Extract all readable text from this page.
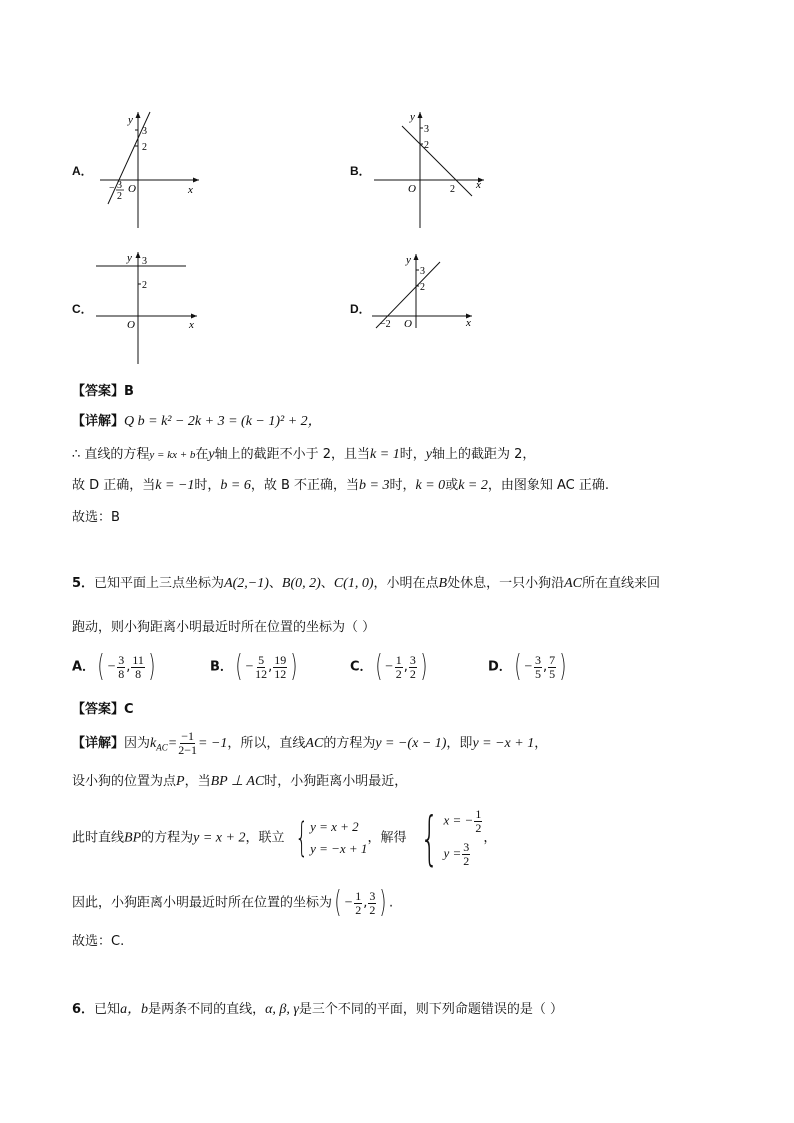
A．
y
3
2
O	x
− 3
2
B．
y
3
2
O	2 x
C．
y 3
2
O	x
D．
y
3
2
O
−2	x
【答案】B
【详解】Q b = k² − 2k + 3 = (k − 1)² + 2，
∴ 直线的方程y = kx + b在y轴上的截距不小于 2，且当k = 1时，y轴上的截距为 2，
故 D 正确，当k = −1时，b = 6，故 B 不正确，当b = 3时，k = 0或k = 2，由图象知 AC 正确.
故选：B
5．已知平面上三点坐标为A(2,−1)、B(0, 2)、C(1, 0)，小明在点B处休息，一只小狗沿AC所在直线来回
跑动，则小狗距离小明最近时所在位置的坐标为（ ）
A．( − $\frac{3}{8}$ , $\frac{11}{8}$ )	B．( − $\frac{5}{12}$ , $\frac{19}{12}$ )	C．( − $\frac{1}{2}$ , $\frac{3}{2}$ )	D．( − $\frac{3}{5}$ , $\frac{7}{5}$ )
【答案】C
【详解】因为$k_{AC}= \frac{-1}{2-1} = -1$，所以，直线AC的方程为y = −(x − 1)，即y = −x + 1，
设小狗的位置为点P，当BP ⊥ AC时，小狗距离小明最近，
此时直线BP的方程为y = x + 2，联立 { y = x + 2
y = −x + 1
，解得 { x = − $\frac{1}{2}$
$y = \frac{3}{2}$
，
因此，小狗距离小明最近时所在位置的坐标为( − $\frac{1}{2}$ , $\frac{3}{2}$ ) .
故选：C.
6．已知a，b是两条不同的直线，α, β, γ是三个不同的平面，则下列命题错误的是（ ）
